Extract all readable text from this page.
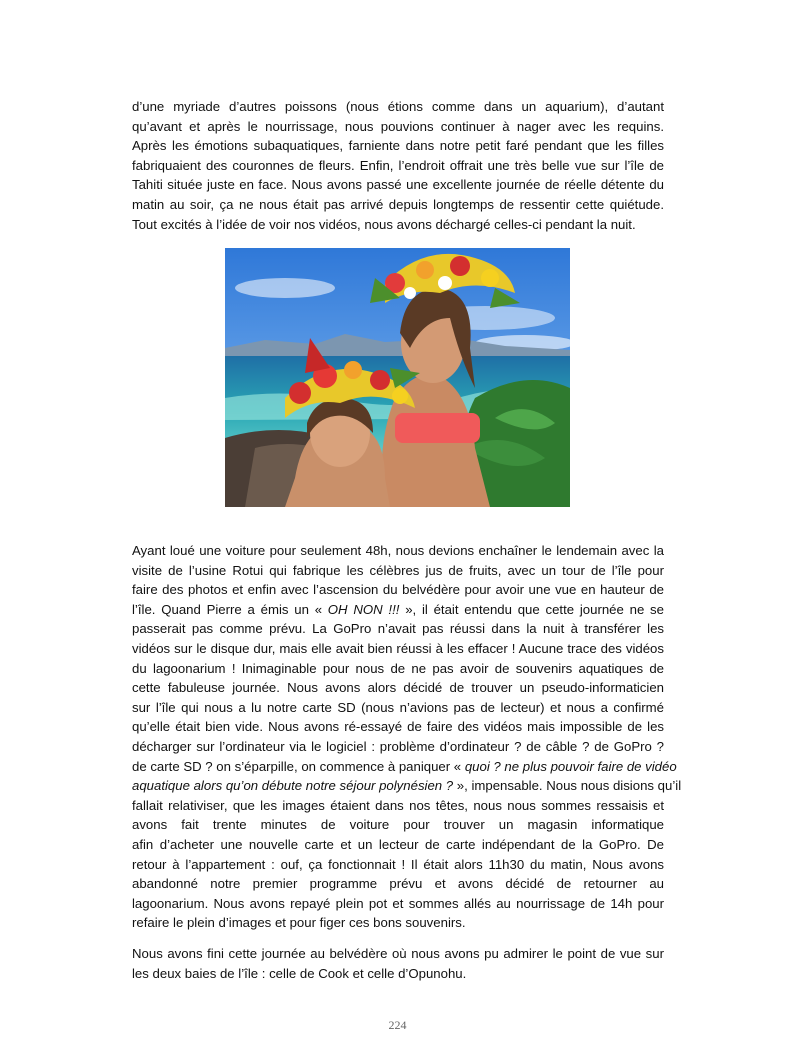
d’une myriade d’autres poissons (nous étions comme dans un aquarium), d’autant
qu’avant et après le nourrissage, nous pouvions continuer à nager avec les requins.
Après les émotions subaquatiques, farniente dans notre petit faré pendant que les filles
fabriquaient des couronnes de fleurs. Enfin, l’endroit offrait une très belle vue sur l’île de
Tahiti située juste en face. Nous avons passé une excellente journée de réelle détente du
matin au soir, ça ne nous était pas arrivé depuis longtemps de ressentir cette quiétude.
Tout excités à l’idée de voir nos vidéos, nous avons déchargé celles-ci pendant la nuit.
Ayant loué une voiture pour seulement 48h, nous devions enchaîner le lendemain avec la
visite de l’usine Rotui qui fabrique les célèbres jus de fruits, avec un tour de l’île pour
faire des photos et enfin avec l’ascension du belvédère pour avoir une vue en hauteur de
l’île. Quand Pierre a émis un « OH NON !!! », il était entendu que cette journée ne se
passerait pas comme prévu. La GoPro n’avait pas réussi dans la nuit à transférer les
vidéos sur le disque dur, mais elle avait bien réussi à les effacer ! Aucune trace des vidéos
du lagoonarium ! Inimaginable pour nous de ne pas avoir de souvenirs aquatiques de
cette fabuleuse journée. Nous avons alors décidé de trouver un pseudo-informaticien
sur l’île qui nous a lu notre carte SD (nous n’avions pas de lecteur) et nous a confirmé
qu’elle était bien vide. Nous avons ré-essayé de faire des vidéos mais impossible de les
décharger sur l’ordinateur via le logiciel : problème d’ordinateur ? de câble ? de GoPro ?
de carte SD ? on s’éparpille, on commence à paniquer « quoi ? ne plus pouvoir faire de vidéo
aquatique alors qu’on débute notre séjour polynésien ? », impensable. Nous nous disions qu’il
fallait relativiser, que les images étaient dans nos têtes, nous nous sommes ressaisis et
avons fait trente minutes de voiture pour trouver un magasin informatique
afin d’acheter une nouvelle carte et un lecteur de carte indépendant de la GoPro. De
retour à l’appartement : ouf, ça fonctionnait ! Il était alors 11h30 du matin, Nous avons
abandonné notre premier programme prévu et avons décidé de retourner au
lagoonarium. Nous avons repayé plein pot et sommes allés au nourrissage de 14h pour
refaire le plein d’images et pour figer ces bons souvenirs.
Nous avons fini cette journée au belvédère où nous avons pu admirer le point de vue sur
les deux baies de l’île : celle de Cook et celle d’Opunohu.
224
